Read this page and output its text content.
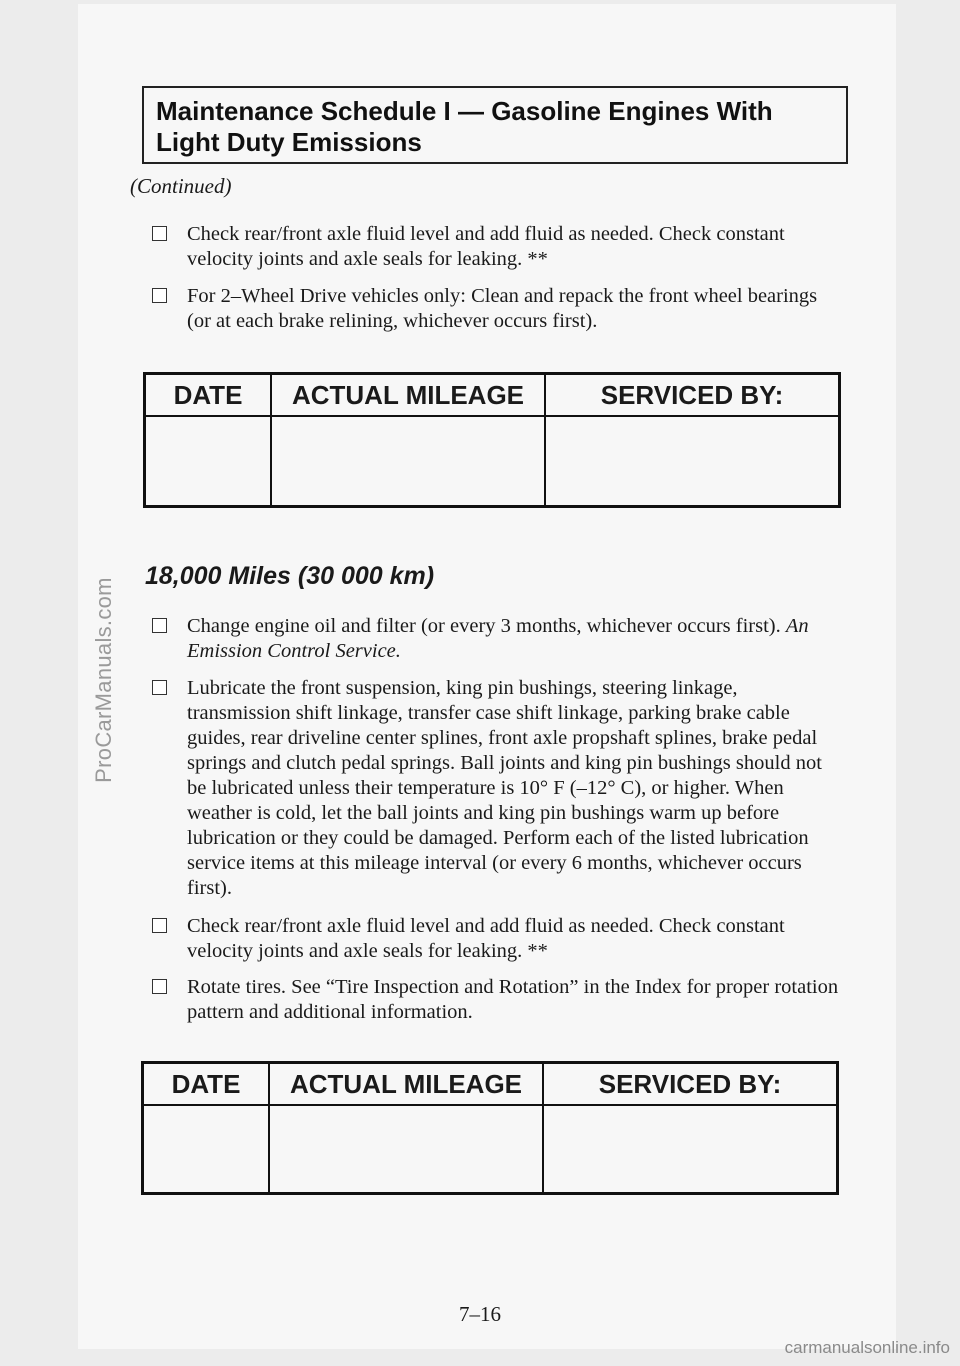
ProCarManuals.com
Maintenance Schedule I — Gasoline Engines With
Light Duty Emissions
(Continued)
Check rear/front axle fluid level and add fluid as needed. Check constant velocity joints and axle seals for leaking. **
For 2–Wheel Drive vehicles only: Clean and repack the front wheel bearings (or at each brake relining, whichever occurs first).
DATE	ACTUAL MILEAGE	SERVICED BY:

18,000 Miles (30 000 km)
Change engine oil and filter (or every 3 months, whichever occurs first). An Emission Control Service.
Lubricate the front suspension, king pin bushings, steering linkage, transmission shift linkage, transfer case shift linkage, parking brake cable guides, rear driveline center splines, front axle propshaft splines, brake pedal springs and clutch pedal springs. Ball joints and king pin bushings should not be lubricated unless their temperature is 10° F (–12° C), or higher. When weather is cold, let the ball joints and king pin bushings warm up before lubrication or they could be damaged. Perform each of the listed lubrication service items at this mileage interval (or every 6 months, whichever occurs first).
Check rear/front axle fluid level and add fluid as needed. Check constant velocity joints and axle seals for leaking. **
Rotate tires. See “Tire Inspection and Rotation” in the Index for proper rotation pattern and additional information.
DATE	ACTUAL MILEAGE	SERVICED BY:

7–16
carmanualsonline.info
